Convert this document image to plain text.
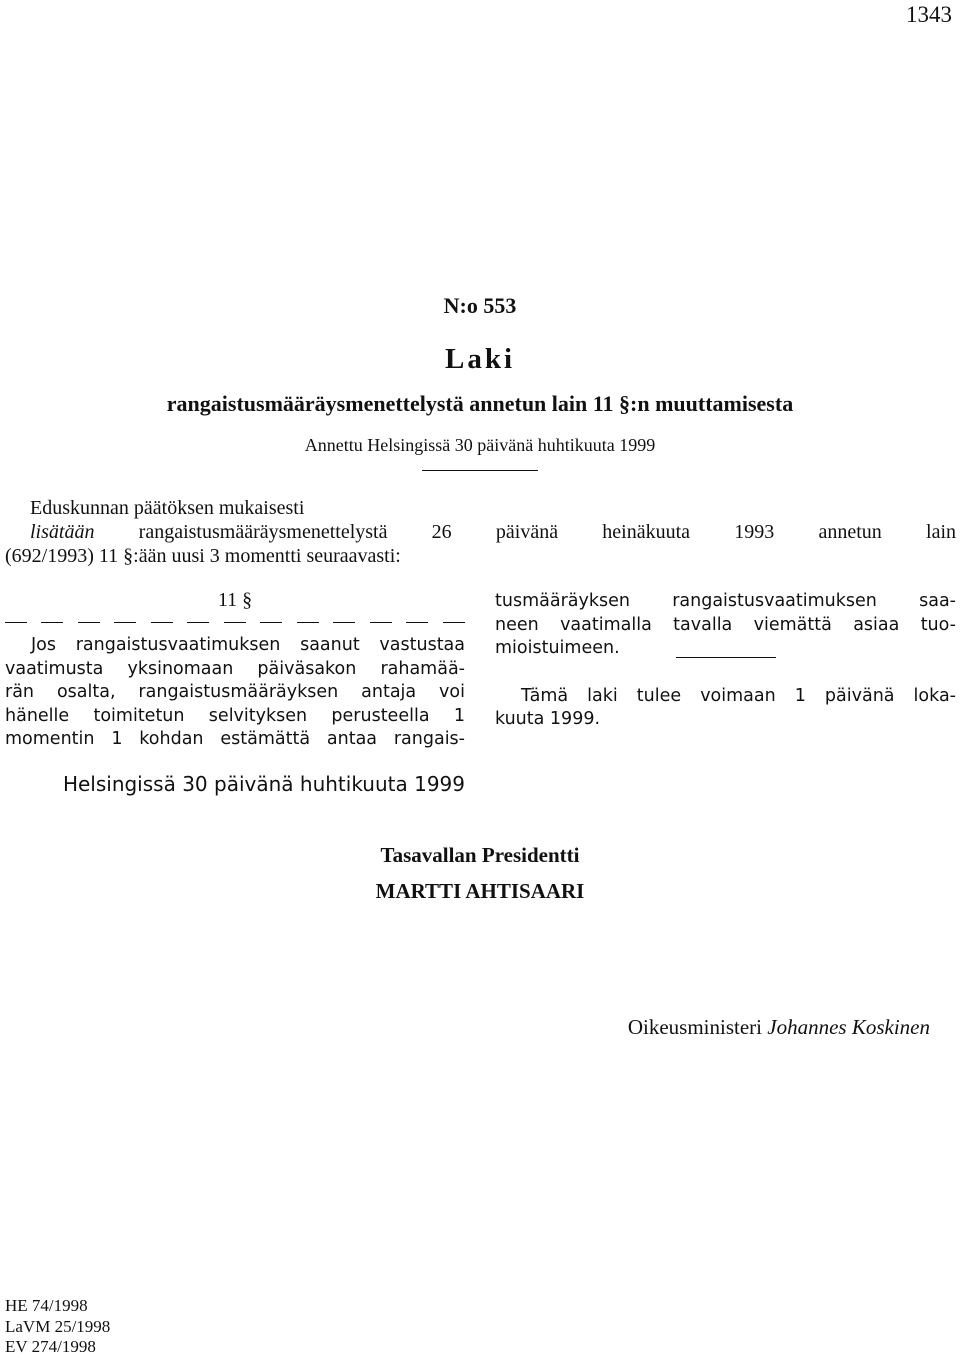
1343
N:o 553
Laki
rangaistusmääräysmenettelystä annetun lain 11 §:n muuttamisesta
Annettu Helsingissä 30 päivänä huhtikuuta 1999
Eduskunnan päätöksen mukaisesti
lisätään rangaistusmääräysmenettelystä 26 päivänä heinäkuuta 1993 annetun lain
(692/1993) 11 §:ään uusi 3 momentti seuraavasti:
11 §
Jos rangaistusvaatimuksen saanut vastustaa
vaatimusta yksinomaan päiväsakon rahamää-
rän osalta, rangaistusmääräyksen antaja voi
hänelle toimitetun selvityksen perusteella 1
momentin 1 kohdan estämättä antaa rangais-
tusmääräyksen rangaistusvaatimuksen saa-
neen vaatimalla tavalla viemättä asiaa tuo-
mioistuimeen.
Tämä laki tulee voimaan 1 päivänä loka-
kuuta 1999.
Helsingissä 30 päivänä huhtikuuta 1999
Tasavallan Presidentti
MARTTI AHTISAARI
Oikeusministeri Johannes Koskinen
HE 74/1998
LaVM 25/1998
EV 274/1998
